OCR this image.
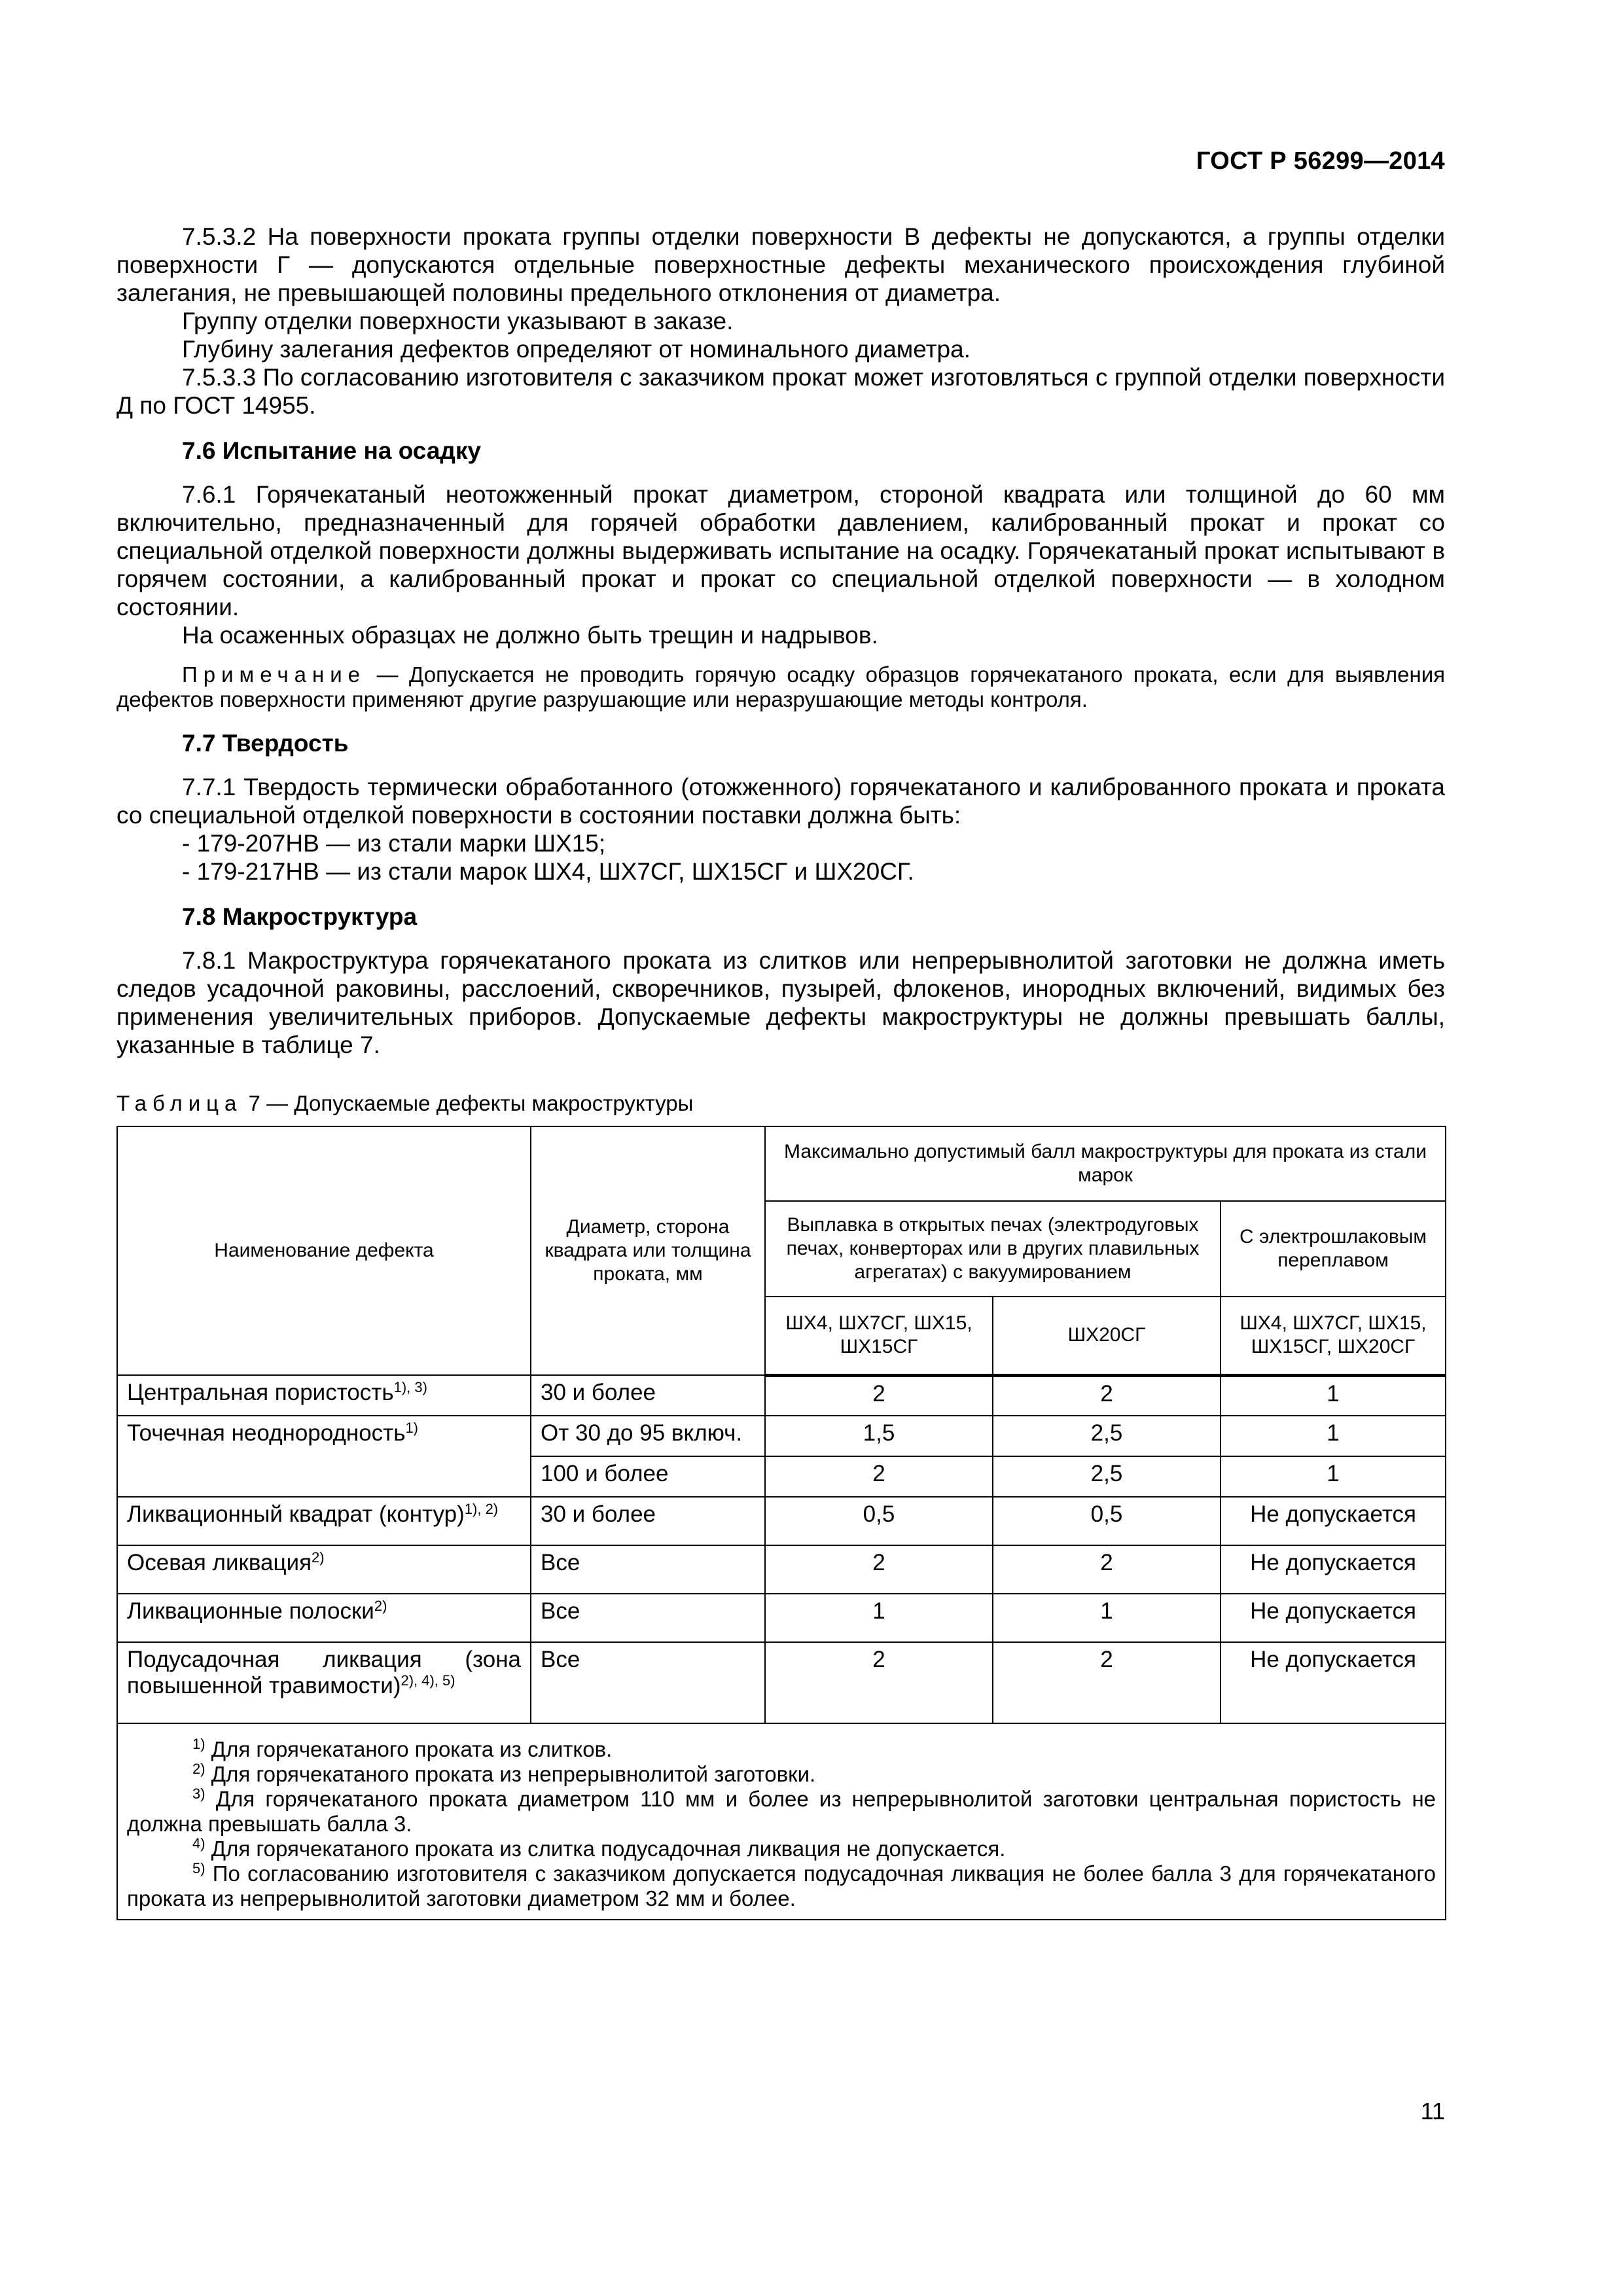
ГОСТ Р 56299—2014

7.5.3.2 На поверхности проката группы отделки поверхности В дефекты не допускаются, а группы отделки поверхности Г — допускаются отдельные поверхностные дефекты механического происхождения глубиной залегания, не превышающей половины предельного отклонения от диаметра.

Группу отделки поверхности указывают в заказе.

Глубину залегания дефектов определяют от номинального диаметра.

7.5.3.3 По согласованию изготовителя с заказчиком прокат может изготовляться с группой отделки поверхности Д по ГОСТ 14955.

7.6 Испытание на осадку

7.6.1 Горячекатаный неотожженный прокат диаметром, стороной квадрата или толщиной до 60 мм включительно, предназначенный для горячей обработки давлением, калиброванный прокат и прокат со специальной отделкой поверхности должны выдерживать испытание на осадку. Горячекатаный прокат испытывают в горячем состоянии, а калиброванный прокат и прокат со специальной отделкой поверхности — в холодном состоянии.

На осаженных образцах не должно быть трещин и надрывов.

Примечание — Допускается не проводить горячую осадку образцов горячекатаного проката, если для выявления дефектов поверхности применяют другие разрушающие или неразрушающие методы контроля.
7.7 Твердость

7.7.1 Твердость термически обработанного (отожженного) горячекатаного и калиброванного проката и проката со специальной отделкой поверхности в состоянии поставки должна быть:

- 179-207НВ — из стали марки ШХ15;

- 179-217НВ — из стали марок ШХ4, ШХ7СГ, ШХ15СГ и ШХ20СГ.

7.8 Макроструктура

7.8.1 Макроструктура горячекатаного проката из слитков или непрерывнолитой заготовки не должна иметь следов усадочной раковины, расслоений, скворечников, пузырей, флокенов, инородных включений, видимых без применения увеличительных приборов. Допускаемые дефекты макроструктуры не должны превышать баллы, указанные в таблице 7.

Таблица 7 — Допускаемые дефекты макроструктуры
Наименование дефекта	Диаметр, сторона квадрата или толщина проката, мм	Максимально допустимый балл макроструктуры для проката из стали марок		
		Выплавка в открытых печах (электродуговых печах, конверторах или в других плавильных агрегатах) с вакуумированием		С электрошлаковым переплавом
		ШХ4, ШХ7СГ, ШХ15, ШХ15СГ	ШХ20СГ	ШХ4, ШХ7СГ, ШХ15, ШХ15СГ, ШХ20СГ
Центральная пористость$^{1), 3)}$	30 и более	2	2	1
Точечная неоднородность$^{1)}$	От 30 до 95 включ.	1,5	2,5	1
	100 и более	2	2,5	1
Ликвационный квадрат (контур)$^{1), 2)}$	30 и более	0,5	0,5	Не допускается
Осевая ликвация$^{2)}$	Все	2	2	Не допускается
Ликвационные полоски$^{2)}$	Все	1	1	Не допускается
Подусадочная ликвация (зона повышенной травимости)$^{2), 4), 5)}$	Все	2	2	Не допускается

$^{1)}$ Для горячекатаного проката из слитков.

$^{2)}$ Для горячекатаного проката из непрерывнолитой заготовки.

$^{3)}$ Для горячекатаного проката диаметром 110 мм и более из непрерывнолитой заготовки центральная пористость не должна превышать балла 3.

$^{4)}$ Для горячекатаного проката из слитка подусадочная ликвация не допускается.

$^{5)}$ По согласованию изготовителя с заказчиком допускается подусадочная ликвация не более балла 3 для горячекатаного проката из непрерывнолитой заготовки диаметром 32 мм и более.				

11
